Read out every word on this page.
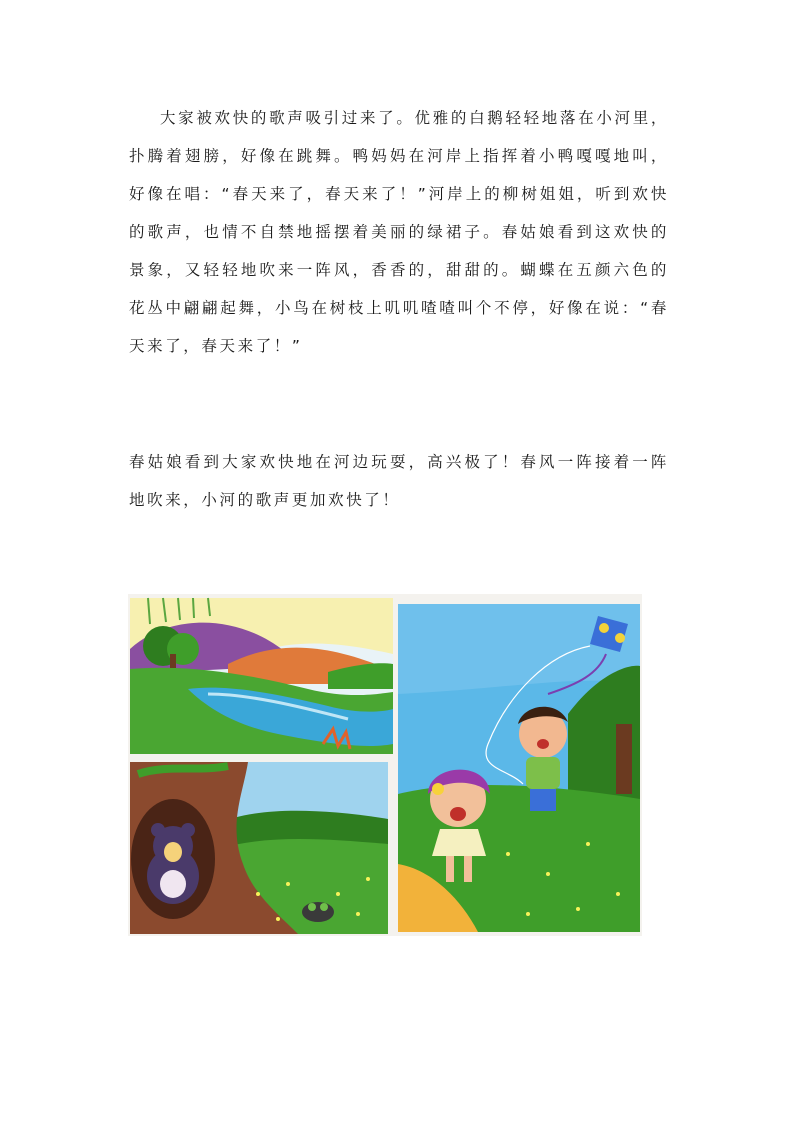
大家被欢快的歌声吸引过来了。优雅的白鹅轻轻地落在小河里，扑腾着翅膀，好像在跳舞。鸭妈妈在河岸上指挥着小鸭嘎嘎地叫，好像在唱：“春天来了，春天来了！”河岸上的柳树姐姐，听到欢快的歌声，也情不自禁地摇摆着美丽的绿裙子。春姑娘看到这欢快的景象，又轻轻地吹来一阵风，香香的，甜甜的。蝴蝶在五颜六色的花丛中翩翩起舞，小鸟在树枝上叽叽喳喳叫个不停，好像在说：“春天来了，春天来了！”

春姑娘看到大家欢快地在河边玩耍，高兴极了！春风一阵接着一阵地吹来，小河的歌声更加欢快了！
